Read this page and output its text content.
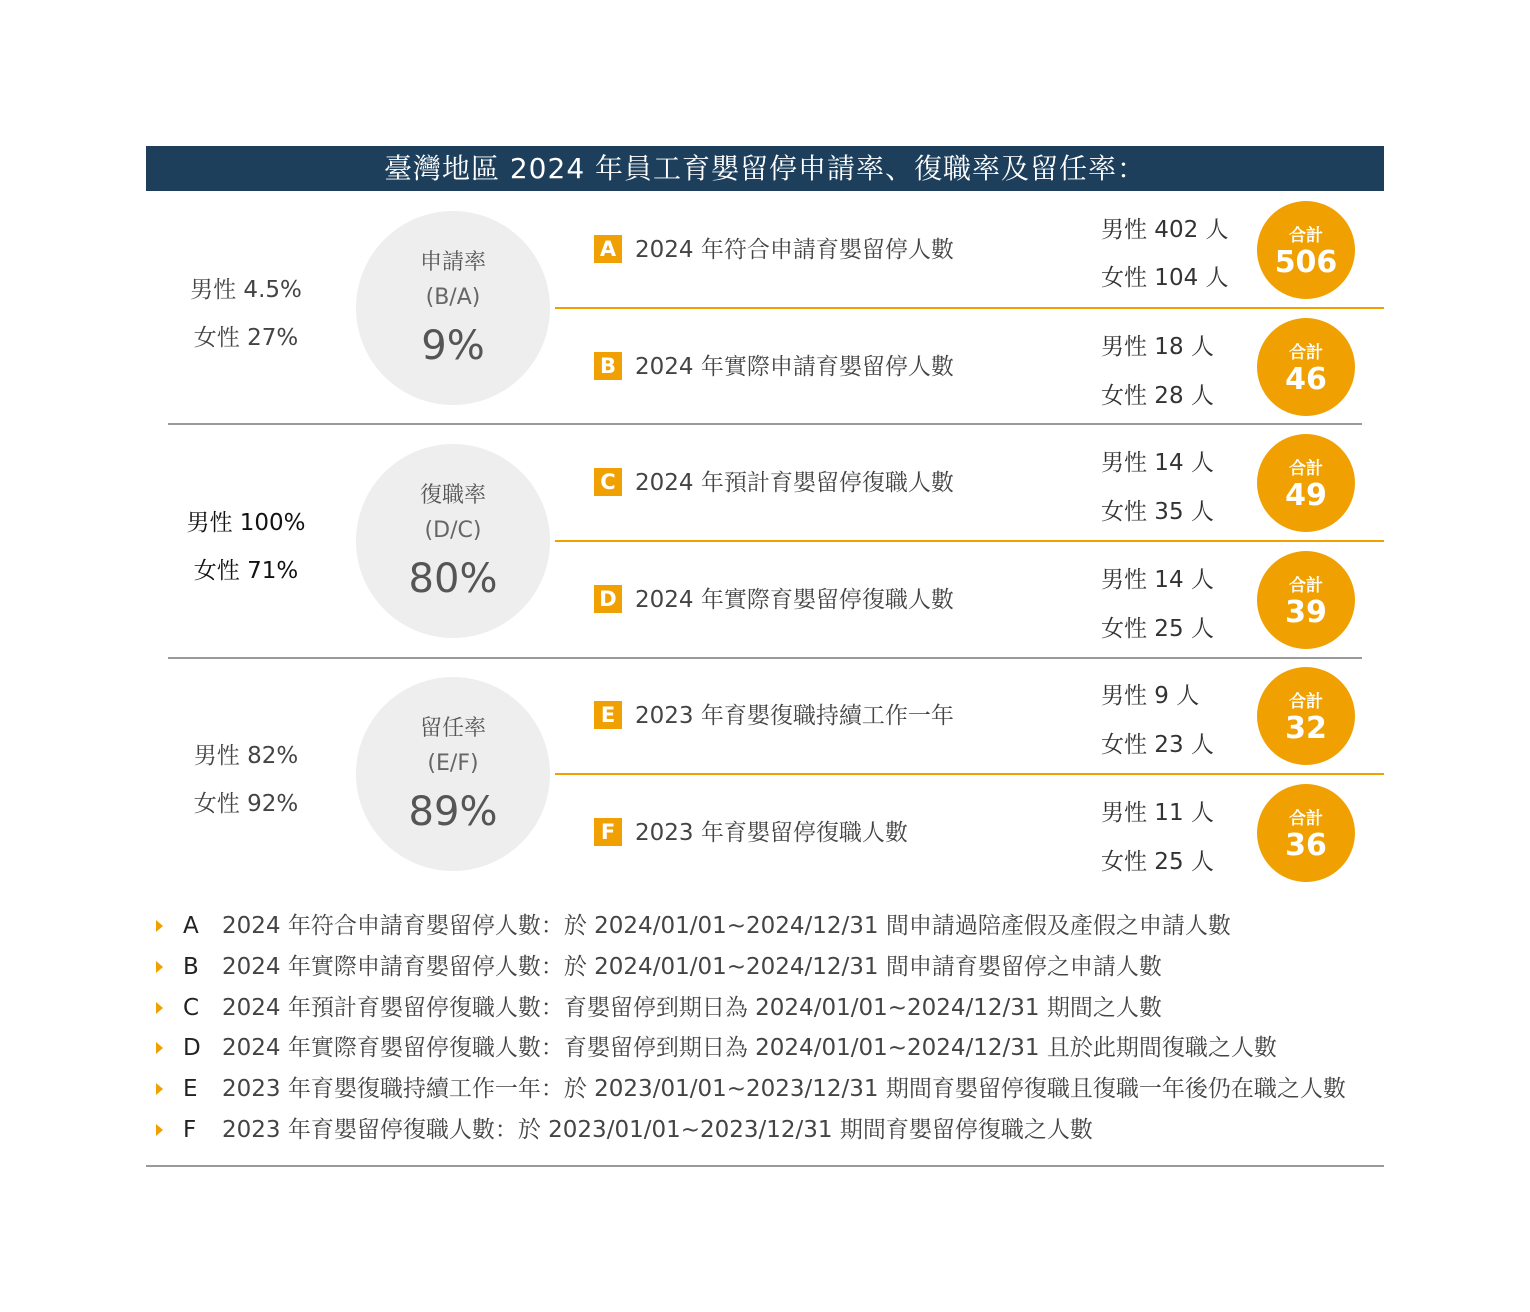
臺灣地區 2024 年員工育嬰留停申請率、復職率及留任率：
男性 4.5%
女性 27%
申請率
(B/A)
9%
A 2024 年符合申請育嬰留停人數
男性 402 人
女性 104 人
合計
506
B 2024 年實際申請育嬰留停人數
男性 18 人
女性 28 人
合計
46
男性 100%
女性 71%
復職率
(D/C)
80%
C 2024 年預計育嬰留停復職人數
男性 14 人
女性 35 人
合計
49
D 2024 年實際育嬰留停復職人數
男性 14 人
女性 25 人
合計
39
男性 82%
女性 92%
留任率
(E/F)
89%
E 2023 年育嬰復職持續工作一年
男性 9 人
女性 23 人
合計
32
F 2023 年育嬰留停復職人數
男性 11 人
女性 25 人
合計
36
A 2024 年符合申請育嬰留停人數：於 2024/01/01~2024/12/31 間申請過陪產假及產假之申請人數
B 2024 年實際申請育嬰留停人數：於 2024/01/01~2024/12/31 間申請育嬰留停之申請人數
C 2024 年預計育嬰留停復職人數：育嬰留停到期日為 2024/01/01~2024/12/31 期間之人數
D 2024 年實際育嬰留停復職人數：育嬰留停到期日為 2024/01/01~2024/12/31 且於此期間復職之人數
E 2023 年育嬰復職持續工作一年：於 2023/01/01~2023/12/31 期間育嬰留停復職且復職一年後仍在職之人數
F 2023 年育嬰留停復職人數：於 2023/01/01~2023/12/31 期間育嬰留停復職之人數
